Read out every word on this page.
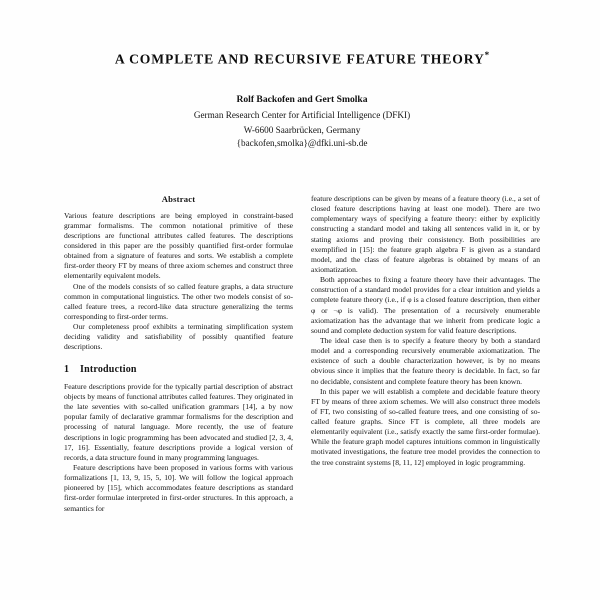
A COMPLETE AND RECURSIVE FEATURE THEORY*
Rolf Backofen and Gert Smolka
German Research Center for Artificial Intelligence (DFKI)
W-6600 Saarbrücken, Germany
{backofen,smolka}@dfki.uni-sb.de
Abstract

Various feature descriptions are being employed in constraint-based grammar formalisms. The common notational primitive of these descriptions are functional attributes called features. The descriptions considered in this paper are the possibly quantified first-order formulae obtained from a signature of features and sorts. We establish a complete first-order theory FT by means of three axiom schemes and construct three elementarily equivalent models.

One of the models consists of so called feature graphs, a data structure common in computational linguistics. The other two models consist of so-called feature trees, a record-like data structure generalizing the terms corresponding to first-order terms.

Our completeness proof exhibits a terminating simplification system deciding validity and satisfiability of possibly quantified feature descriptions.

1 Introduction

Feature descriptions provide for the typically partial description of abstract objects by means of functional attributes called features. They originated in the late seventies with so-called unification grammars [14], a by now popular family of declarative grammar formalisms for the description and processing of natural language. More recently, the use of feature descriptions in logic programming has been advocated and studied [2, 3, 4, 17, 16]. Essentially, feature descriptions provide a logical version of records, a data structure found in many programming languages.

Feature descriptions have been proposed in various forms with various formalizations [1, 13, 9, 15, 5, 10]. We will follow the logical approach pioneered by [15], which accommodates feature descriptions as standard first-order formulae interpreted in first-order structures. In this approach, a semantics for

feature descriptions can be given by means of a feature theory (i.e., a set of closed feature descriptions having at least one model). There are two complementary ways of specifying a feature theory: either by explicitly constructing a standard model and taking all sentences valid in it, or by stating axioms and proving their consistency. Both possibilities are exemplified in [15]: the feature graph algebra F is given as a standard model, and the class of feature algebras is obtained by means of an axiomatization.

Both approaches to fixing a feature theory have their advantages. The construction of a standard model provides for a clear intuition and yields a complete feature theory (i.e., if φ is a closed feature description, then either φ or ¬φ is valid). The presentation of a recursively enumerable axiomatization has the advantage that we inherit from predicate logic a sound and complete deduction system for valid feature descriptions.

The ideal case then is to specify a feature theory by both a standard model and a corresponding recursively enumerable axiomatization. The existence of such a double characterization however, is by no means obvious since it implies that the feature theory is decidable. In fact, so far no decidable, consistent and complete feature theory has been known.

In this paper we will establish a complete and decidable feature theory FT by means of three axiom schemes. We will also construct three models of FT, two consisting of so-called feature trees, and one consisting of so-called feature graphs. Since FT is complete, all three models are elementarily equivalent (i.e., satisfy exactly the same first-order formulae). While the feature graph model captures intuitions common in linguistically motivated investigations, the feature tree model provides the connection to the tree constraint systems [8, 11, 12] employed in logic programming.
